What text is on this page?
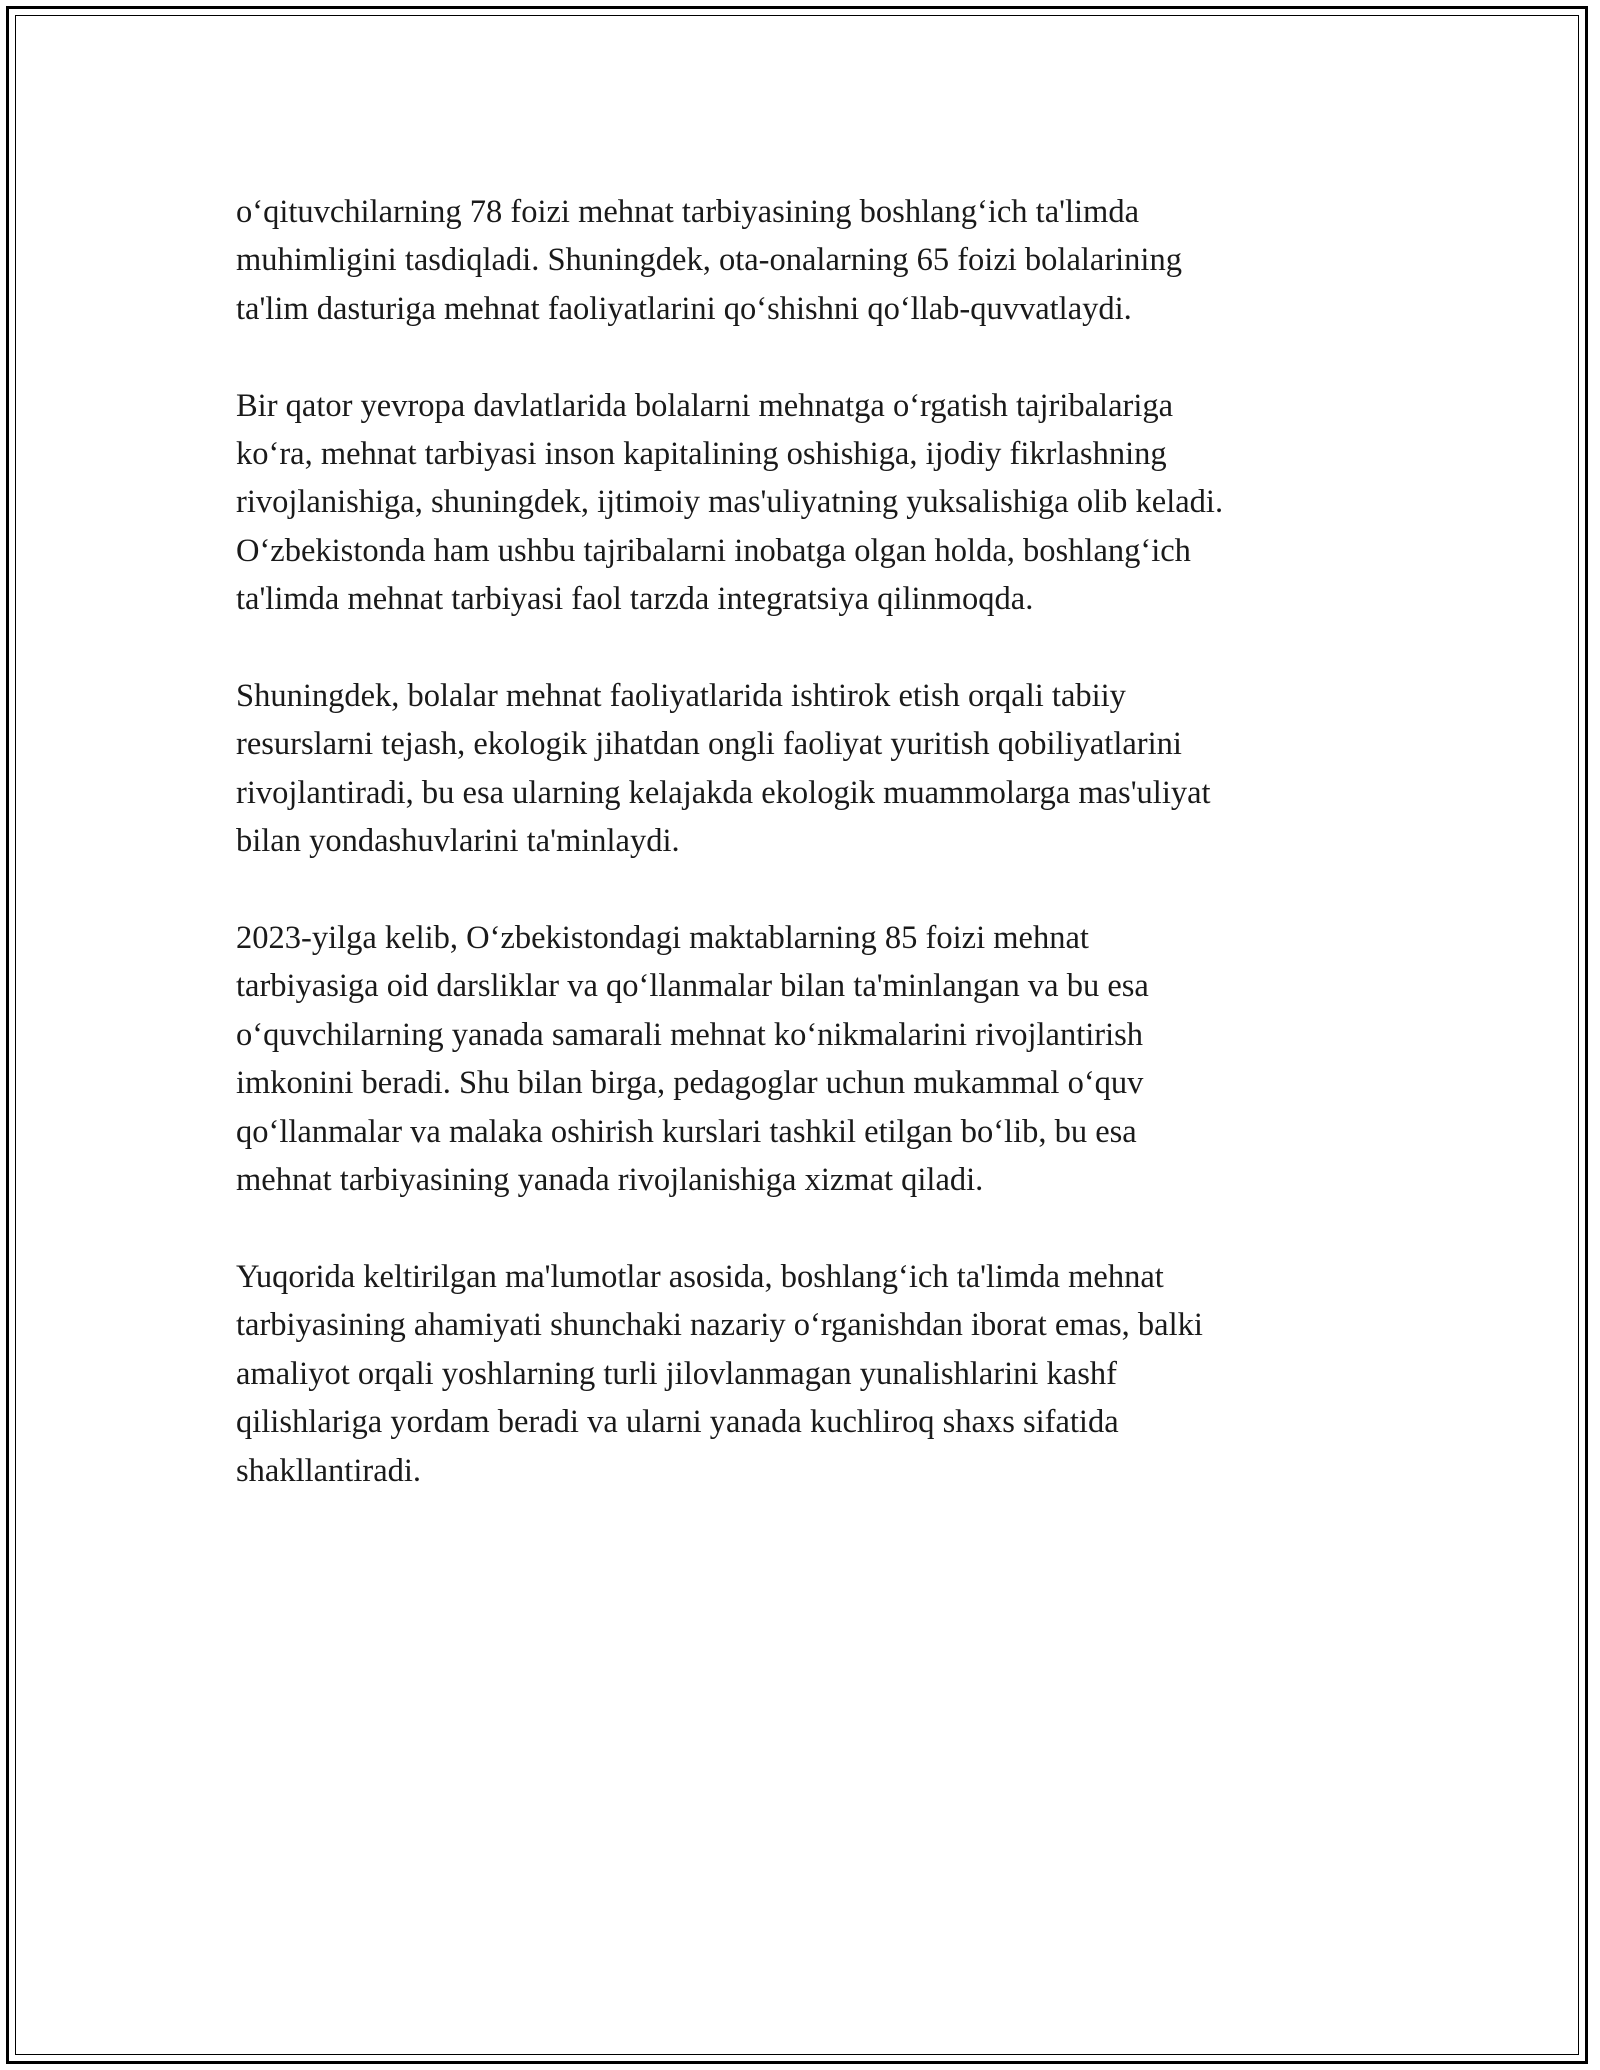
o‘qituvchilarning 78 foizi mehnat tarbiyasining boshlang‘ich ta'limda
muhimligini tasdiqladi. Shuningdek, ota-onalarning 65 foizi bolalarining
ta'lim dasturiga mehnat faoliyatlarini qo‘shishni qo‘llab-quvvatlaydi.

Bir qator yevropa davlatlarida bolalarni mehnatga o‘rgatish tajribalariga
ko‘ra, mehnat tarbiyasi inson kapitalining oshishiga, ijodiy fikrlashning
rivojlanishiga, shuningdek, ijtimoiy mas'uliyatning yuksalishiga olib keladi.
O‘zbekistonda ham ushbu tajribalarni inobatga olgan holda, boshlang‘ich
ta'limda mehnat tarbiyasi faol tarzda integratsiya qilinmoqda.

Shuningdek, bolalar mehnat faoliyatlarida ishtirok etish orqali tabiiy
resurslarni tejash, ekologik jihatdan ongli faoliyat yuritish qobiliyatlarini
rivojlantiradi, bu esa ularning kelajakda ekologik muammolarga mas'uliyat
bilan yondashuvlarini ta'minlaydi.

2023-yilga kelib, O‘zbekistondagi maktablarning 85 foizi mehnat
tarbiyasiga oid darsliklar va qo‘llanmalar bilan ta'minlangan va bu esa
o‘quvchilarning yanada samarali mehnat ko‘nikmalarini rivojlantirish
imkonini beradi. Shu bilan birga, pedagoglar uchun mukammal o‘quv
qo‘llanmalar va malaka oshirish kurslari tashkil etilgan bo‘lib, bu esa
mehnat tarbiyasining yanada rivojlanishiga xizmat qiladi.

Yuqorida keltirilgan ma'lumotlar asosida, boshlang‘ich ta'limda mehnat
tarbiyasining ahamiyati shunchaki nazariy o‘rganishdan iborat emas, balki
amaliyot orqali yoshlarning turli jilovlanmagan yunalishlarini kashf
qilishlariga yordam beradi va ularni yanada kuchliroq shaxs sifatida
shakllantiradi.
